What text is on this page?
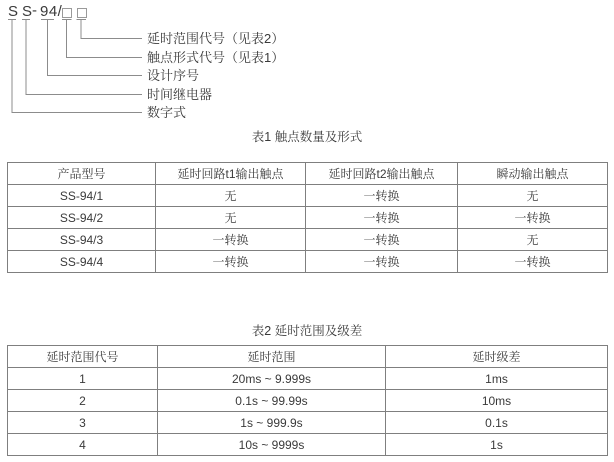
S S - 94/
延时范围代号（见表2）
触点形式代号（见表1）
设计序号
时间继电器
数字式
表1 触点数量及形式
产品型号	延时回路t1输出触点	延时回路t2输出触点	瞬动输出触点
SS-94/1	无	一转换	无
SS-94/2	无	一转换	一转换
SS-94/3	一转换	一转换	无
SS-94/4	一转换	一转换	一转换
表2 延时范围及级差
延时范围代号	延时范围	延时级差
1	20ms ~ 9.999s	1ms
2	0.1s ~ 99.99s	10ms
3	1s ~ 999.9s	0.1s
4	10s ~ 9999s	1s
